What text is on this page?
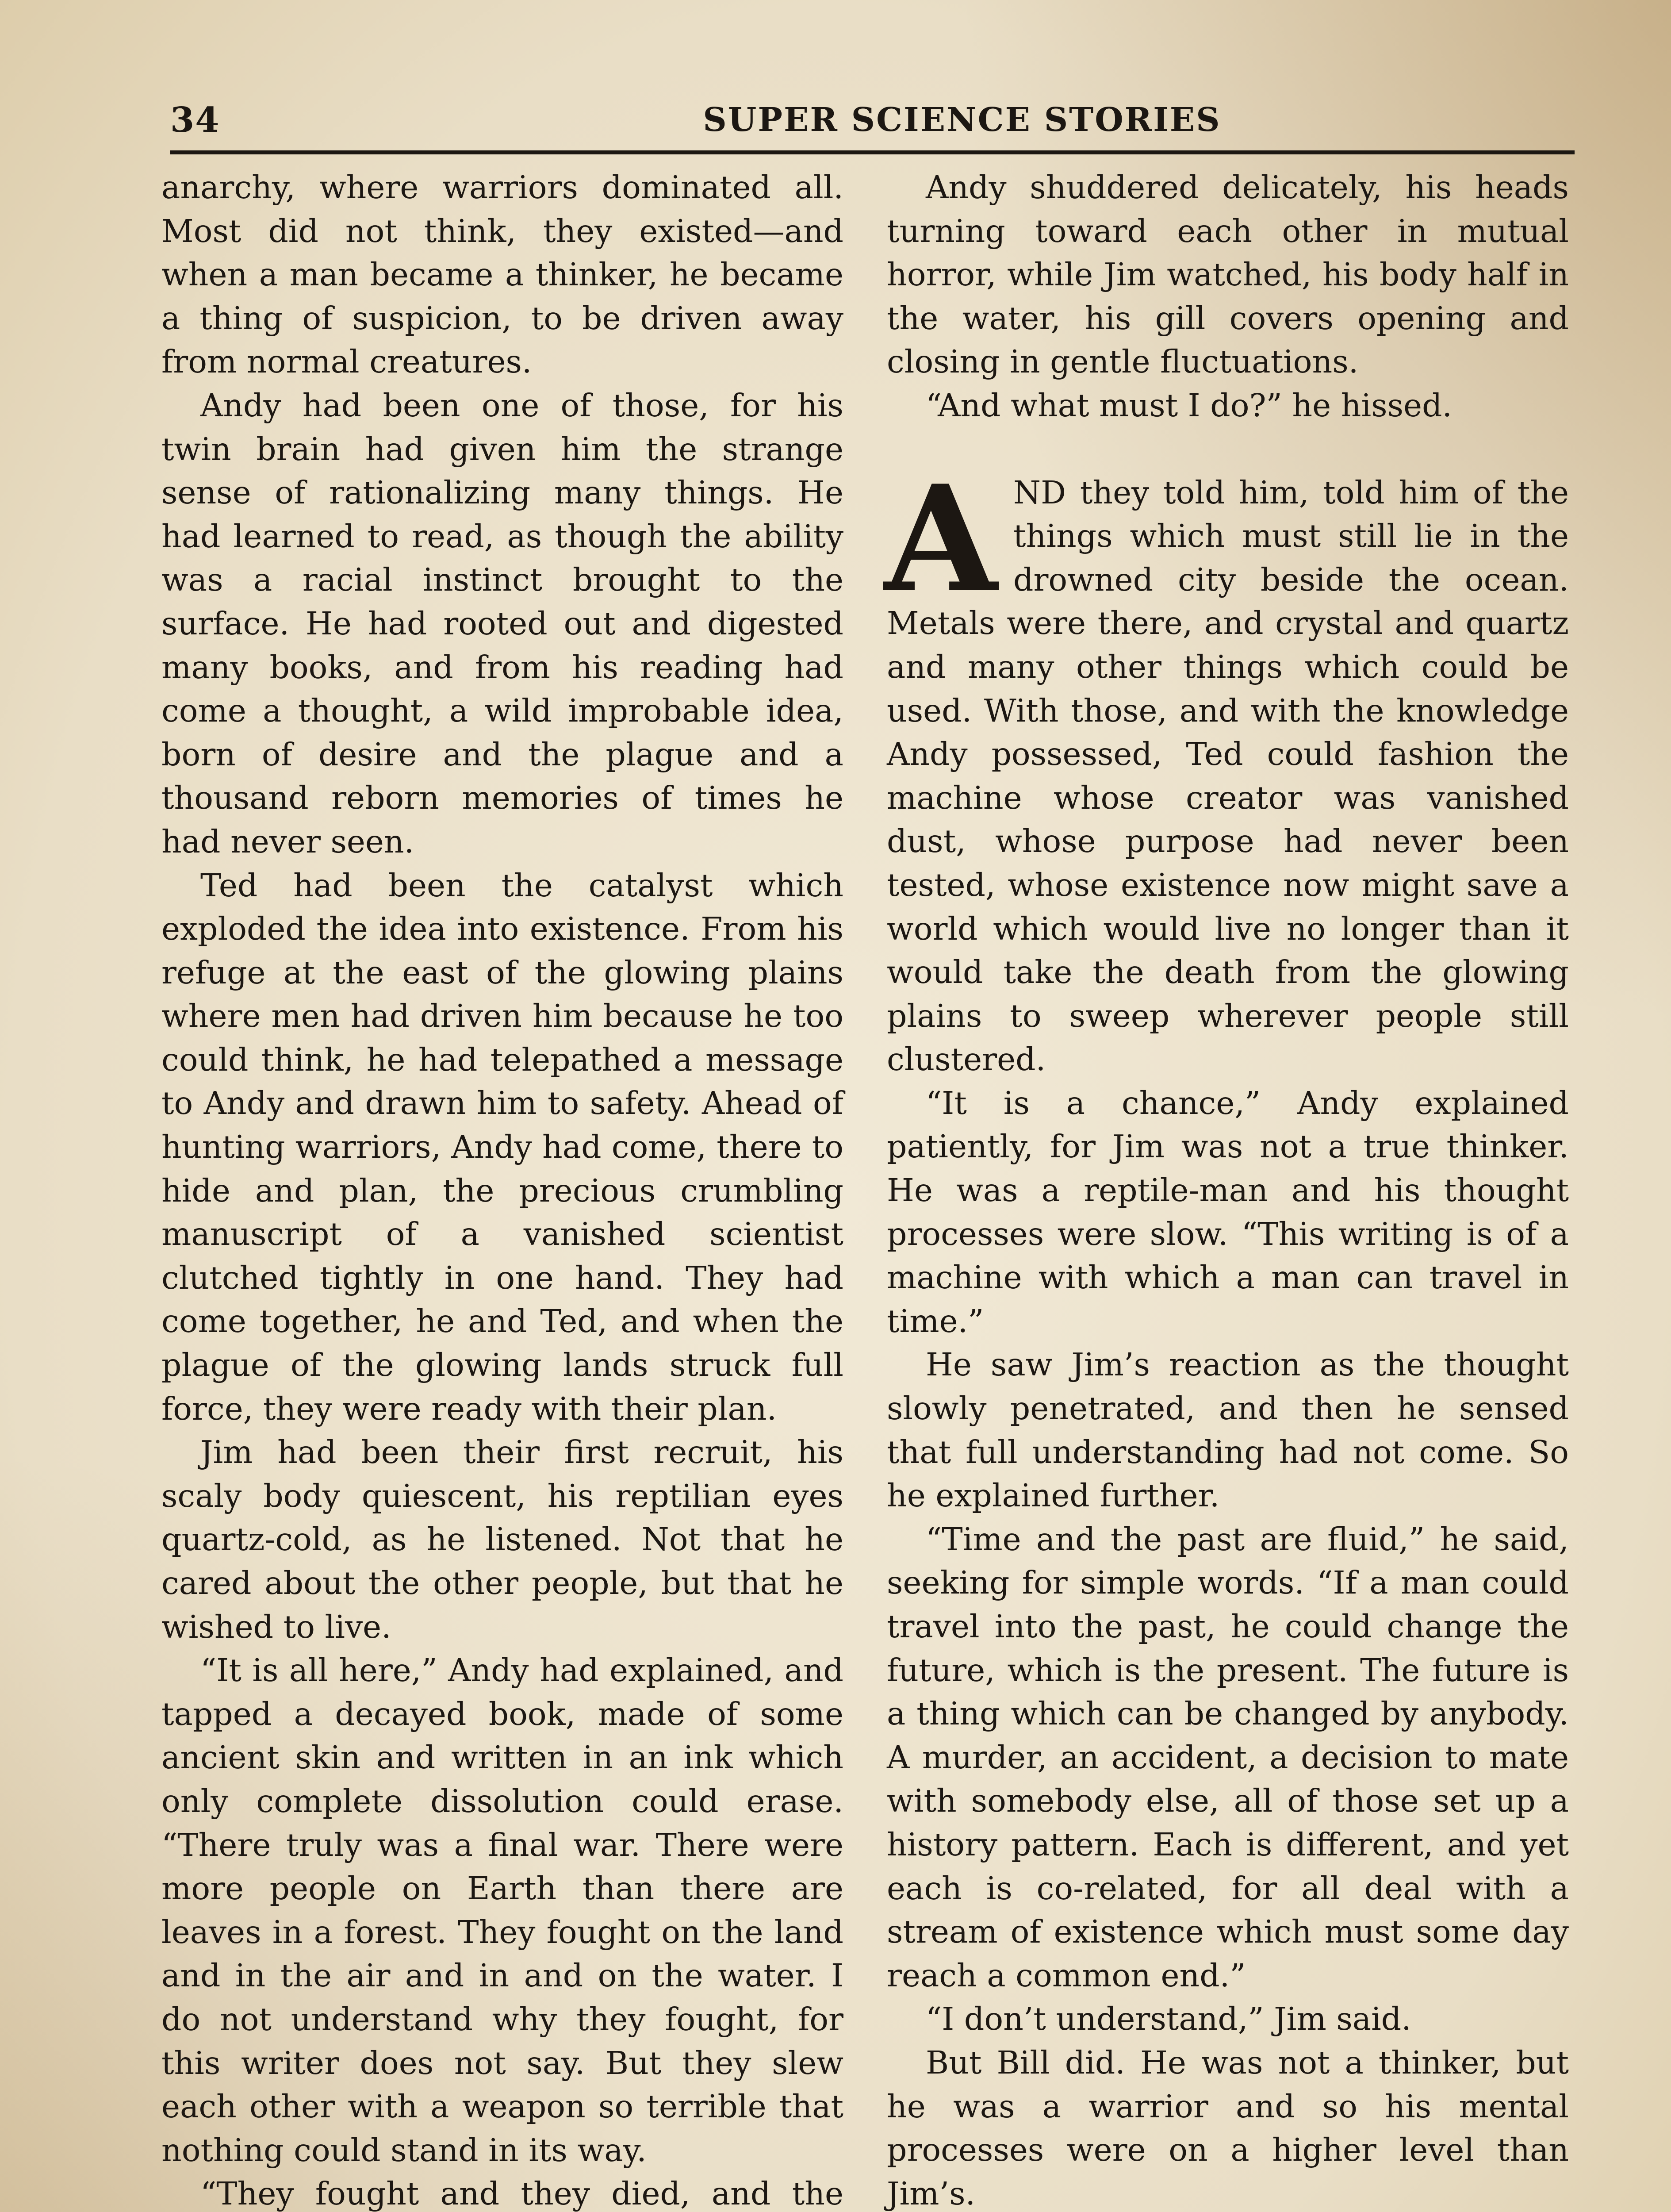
34	SUPER SCIENCE STORIES

anarchy, where warriors dominated all. Most did not think, they existed—and when a man became a thinker, he became a thing of suspicion, to be driven away from normal creatures.

Andy had been one of those, for his twin brain had given him the strange sense of rationalizing many things. He had learned to read, as though the ability was a racial instinct brought to the surface. He had rooted out and digested many books, and from his reading had come a thought, a wild improbable idea, born of desire and the plague and a thousand reborn memories of times he had never seen.

Ted had been the catalyst which exploded the idea into existence. From his refuge at the east of the glowing plains where men had driven him because he too could think, he had telepathed a message to Andy and drawn him to safety. Ahead of hunting warriors, Andy had come, there to hide and plan, the precious crumbling manuscript of a vanished scientist clutched tightly in one hand. They had come together, he and Ted, and when the plague of the glowing lands struck full force, they were ready with their plan.

Jim had been their first recruit, his scaly body quiescent, his reptilian eyes quartz-cold, as he listened. Not that he cared about the other people, but that he wished to live.

“It is all here,” Andy had explained, and tapped a decayed book, made of some ancient skin and written in an ink which only complete dissolution could erase. “There truly was a final war. There were more people on Earth than there are leaves in a forest. They fought on the land and in the air and in and on the water. I do not understand why they fought, for this writer does not say. But they slew each other with a weapon so terrible that nothing could stand in its way.

“They fought and they died, and the

Andy shuddered delicately, his heads turning toward each other in mutual horror, while Jim watched, his body half in the water, his gill covers opening and closing in gentle fluctuations.

“And what must I do?” he hissed.

AND they told him, told him of the things which must still lie in the drowned city beside the ocean. Metals were there, and crystal and quartz and many other things which could be used. With those, and with the knowledge Andy possessed, Ted could fashion the machine whose creator was vanished dust, whose purpose had never been tested, whose existence now might save a world which would live no longer than it would take the death from the glowing plains to sweep wherever people still clustered.

“It is a chance,” Andy explained patiently, for Jim was not a true thinker. He was a reptile-man and his thought processes were slow. “This writing is of a machine with which a man can travel in time.”

He saw Jim’s reaction as the thought slowly penetrated, and then he sensed that full understanding had not come. So he explained further.

“Time and the past are fluid,” he said, seeking for simple words. “If a man could travel into the past, he could change the future, which is the present. The future is a thing which can be changed by anybody. A murder, an accident, a decision to mate with somebody else, all of those set up a history pattern. Each is different, and yet each is co-related, for all deal with a stream of existence which must some day reach a common end.”

“I don’t understand,” Jim said.

But Bill did. He was not a thinker, but he was a warrior and so his mental processes were on a higher level than Jim’s.
